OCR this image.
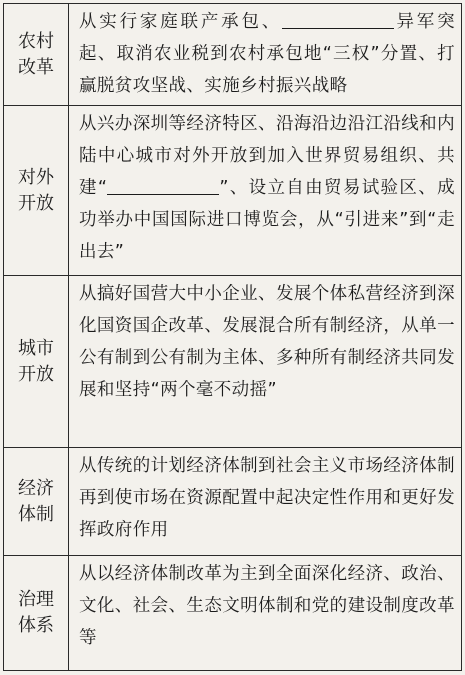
农村
改革
从实行家庭联产承包、	异军突起、取消农业税到农村承包地“三权”分置、打赢脱贫攻坚战、实施乡村振兴战略
对外
开放
从兴办深圳等经济特区、沿海沿边沿江沿线和内陆中心城市对外开放到加入世界贸易组织、共建“	”、设立自由贸易试验区、成功举办中国国际进口博览会，从“引进来”到“走出去”
城市
开放
从搞好国营大中小企业、发展个体私营经济到深化国资国企改革、发展混合所有制经济，从单一公有制到公有制为主体、多种所有制经济共同发展和坚持“两个毫不动摇”
经济
体制
从传统的计划经济体制到社会主义市场经济体制再到使市场在资源配置中起决定性作用和更好发挥政府作用
治理
体系
从以经济体制改革为主到全面深化经济、政治、文化、社会、生态文明体制和党的建设制度改革等
